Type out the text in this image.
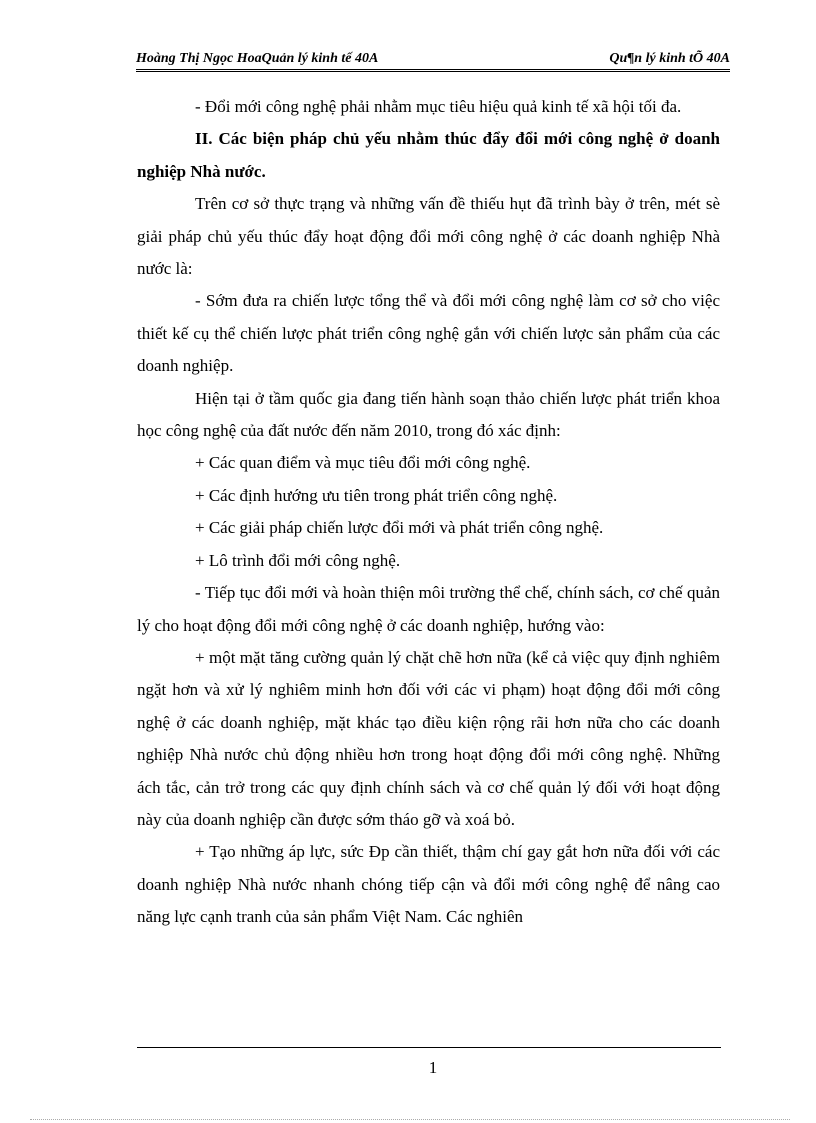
Hoàng Thị Ngọc HoaQuản lý kinh tế 40A	Qu¶n lý kinh tÕ 40A

- Đổi mới công nghệ phải nhằm mục tiêu hiệu quả kinh tế xã hội tối đa.

II. Các biện pháp chủ yếu nhằm thúc đẩy đổi mới công nghệ ở doanh nghiệp Nhà nước.

Trên cơ sở thực trạng và những vấn đề thiếu hụt đã trình bày ở trên, mét sè giải pháp chủ yếu thúc đẩy hoạt động đổi mới công nghệ ở các doanh nghiệp Nhà nước là:

- Sớm đưa ra chiến lược tổng thể và đổi mới công nghệ làm cơ sở cho việc thiết kế cụ thể chiến lược phát triển công nghệ gắn với chiến lược sản phẩm của các doanh nghiệp.

Hiện tại ở tầm quốc gia đang tiến hành soạn thảo chiến lược phát triển khoa học công nghệ của đất nước đến năm 2010, trong đó xác định:

+ Các quan điểm và mục tiêu đổi mới công nghệ.

+ Các định hướng ưu tiên trong phát triển công nghệ.

+ Các giải pháp chiến lược đổi mới và phát triển công nghệ.

+ Lô trình đổi mới công nghệ.

- Tiếp tục đổi mới và hoàn thiện môi trường thể chế, chính sách, cơ chế quản lý cho hoạt động đổi mới công nghệ ở các doanh nghiệp, hướng vào:

+ một mặt tăng cường quản lý chặt chẽ hơn nữa (kể cả việc quy định nghiêm ngặt hơn và xử lý nghiêm minh hơn đối với các vi phạm) hoạt động đổi mới công nghệ ở các doanh nghiệp, mặt khác tạo điều kiện rộng rãi hơn nữa cho các doanh nghiệp Nhà nước chủ động nhiều hơn trong hoạt động đổi mới công nghệ. Những ách tắc, cản trở trong các quy định chính sách và cơ chế quản lý đối với hoạt động này của doanh nghiệp cần được sớm tháo gỡ và xoá bỏ.

+ Tạo những áp lực, sức Ðp cần thiết, thậm chí gay gắt hơn nữa đối với các doanh nghiệp Nhà nước nhanh chóng tiếp cận và đổi mới công nghệ để nâng cao năng lực cạnh tranh của sản phẩm Việt Nam. Các nghiên

1
